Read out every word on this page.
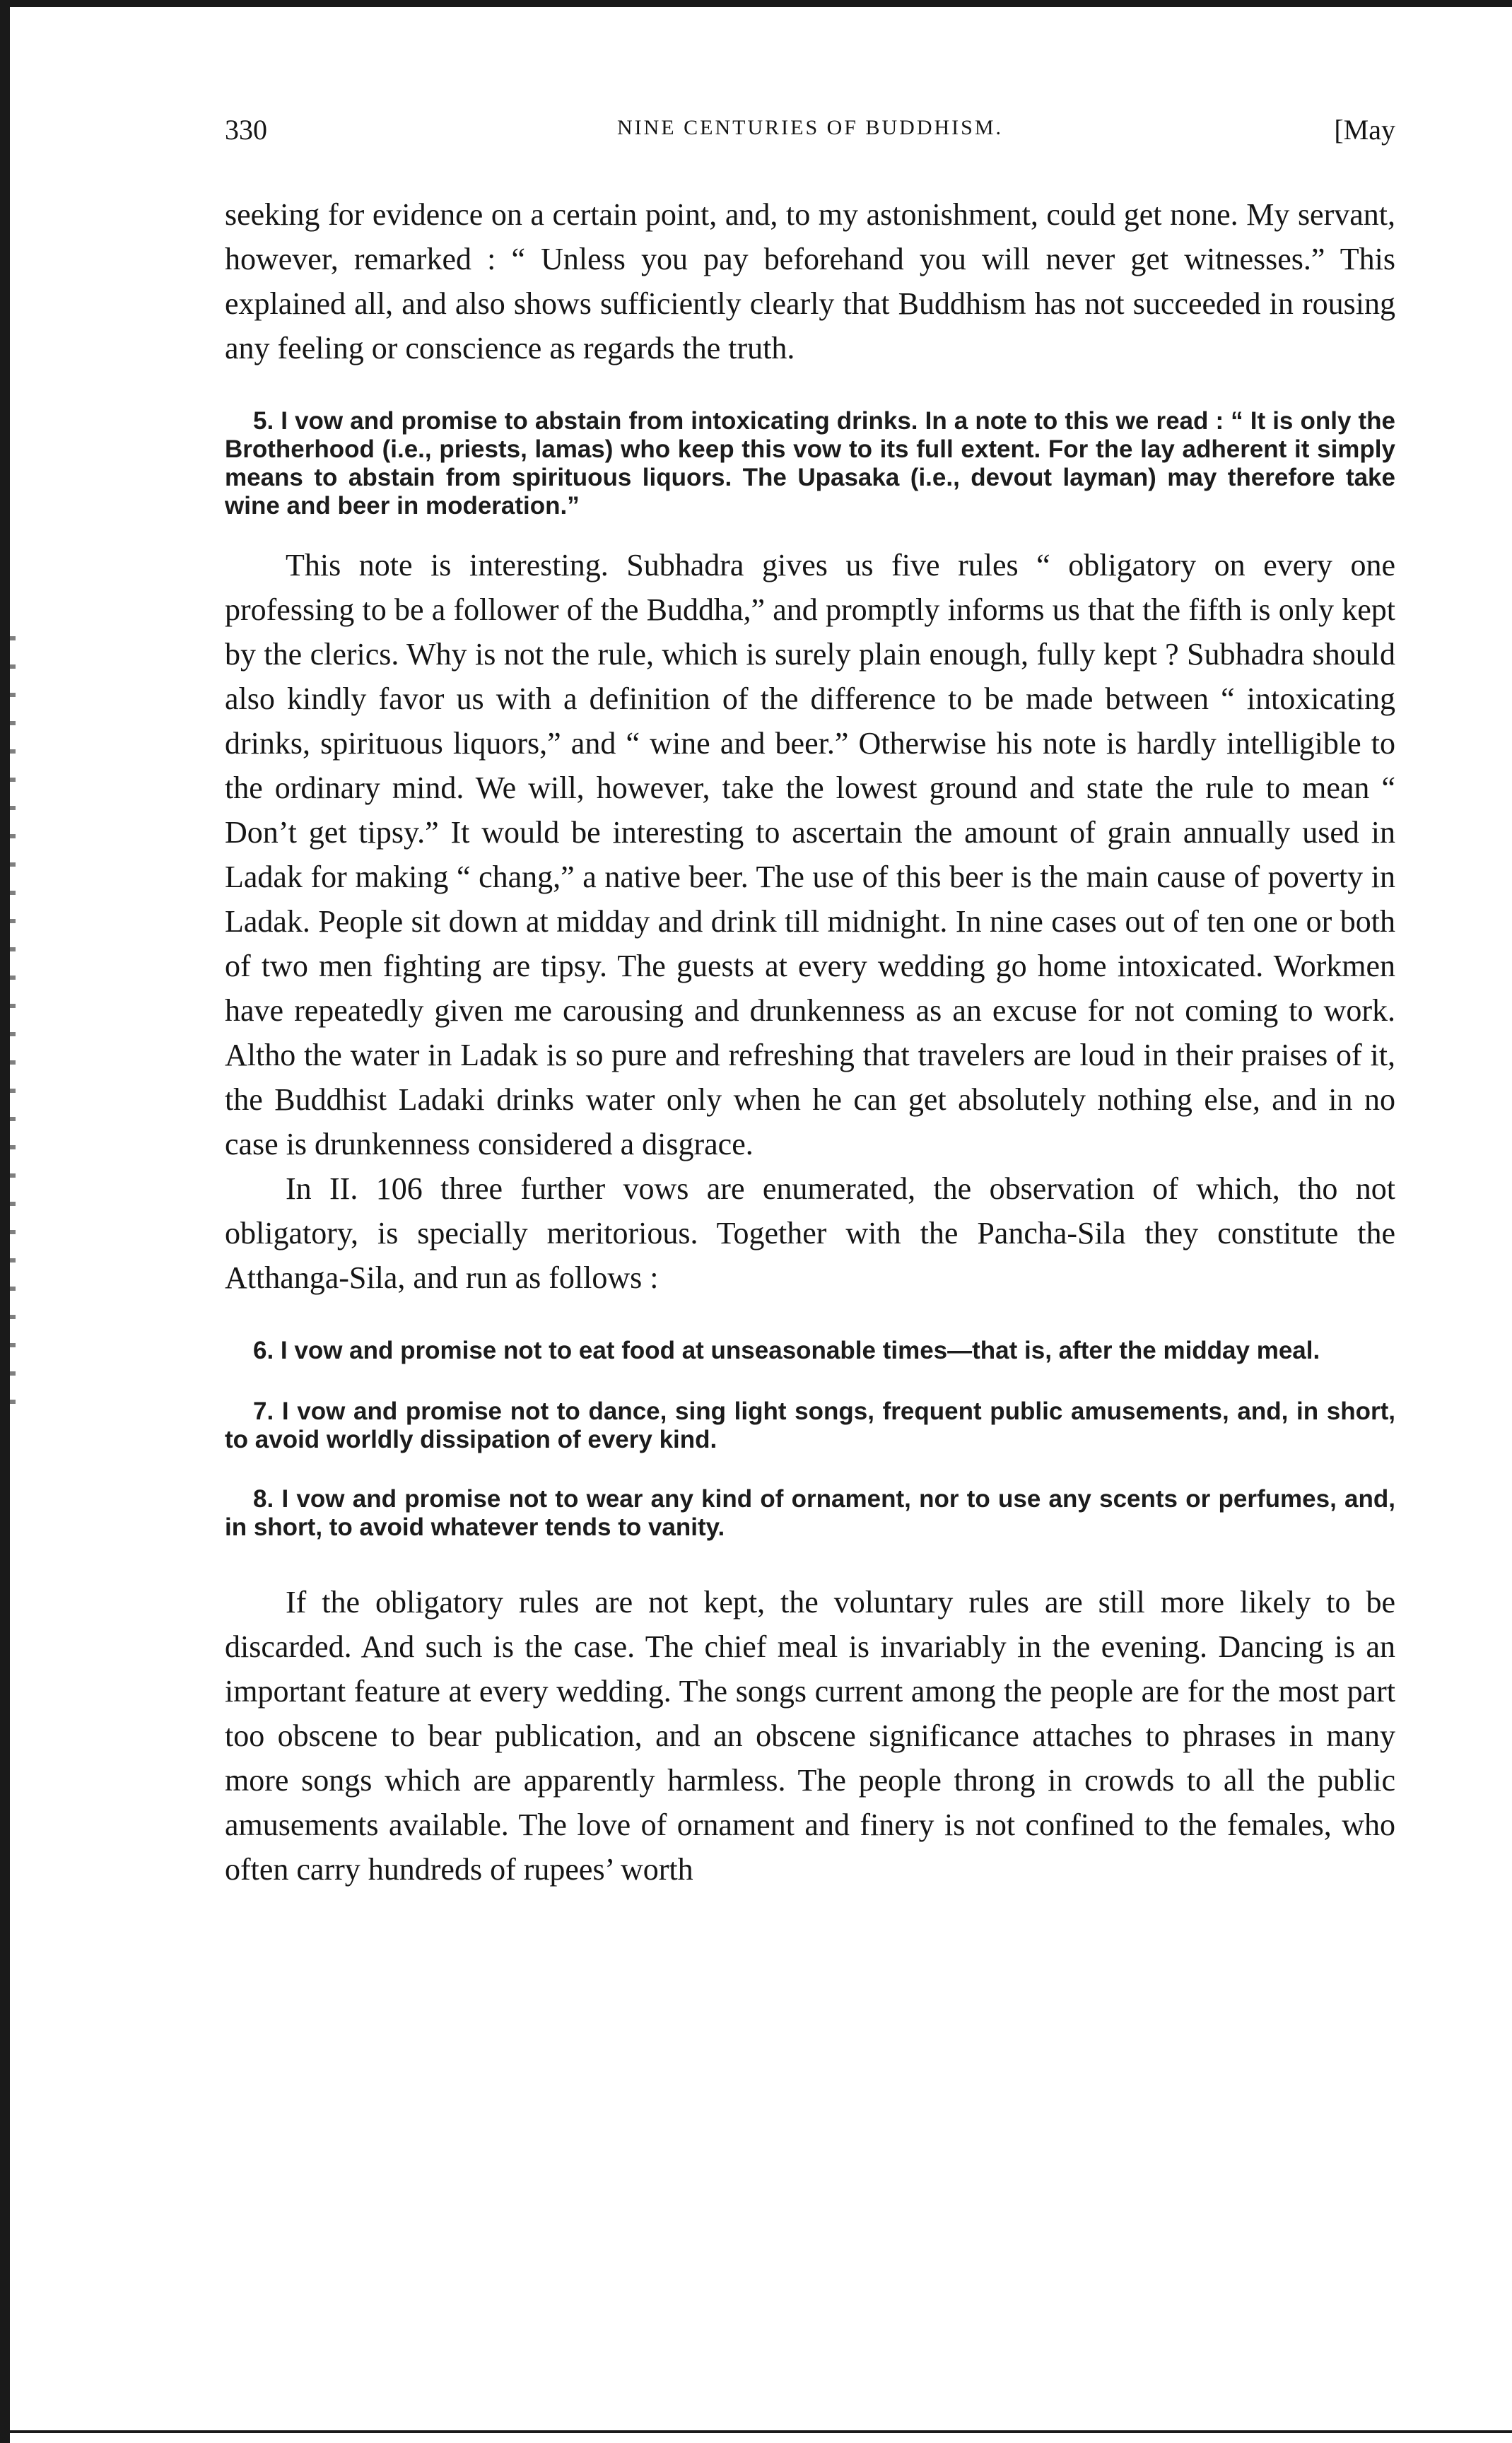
330	NINE CENTURIES OF BUDDHISM.	[May

seeking for evidence on a certain point, and, to my astonishment, could get none. My servant, however, remarked : “ Unless you pay beforehand you will never get witnesses.” This explained all, and also shows sufficiently clearly that Buddhism has not succeeded in rousing any feeling or conscience as regards the truth.

5. I vow and promise to abstain from intoxicating drinks. In a note to this we read : “ It is only the Brotherhood (i.e., priests, lamas) who keep this vow to its full extent. For the lay adherent it simply means to abstain from spirituous liquors. The Upasaka (i.e., devout layman) may therefore take wine and beer in moderation.”

This note is interesting. Subhadra gives us five rules “ obligatory on every one professing to be a follower of the Buddha,” and promptly informs us that the fifth is only kept by the clerics. Why is not the rule, which is surely plain enough, fully kept ? Subhadra should also kindly favor us with a definition of the difference to be made between “ intoxicating drinks, spirituous liquors,” and “ wine and beer.” Otherwise his note is hardly intelligible to the ordinary mind. We will, however, take the lowest ground and state the rule to mean “ Don’t get tipsy.” It would be interesting to ascertain the amount of grain annually used in Ladak for making “ chang,” a native beer. The use of this beer is the main cause of poverty in Ladak. People sit down at midday and drink till midnight. In nine cases out of ten one or both of two men fighting are tipsy. The guests at every wedding go home intoxicated. Workmen have repeatedly given me carousing and drunkenness as an excuse for not coming to work. Altho the water in Ladak is so pure and refreshing that travelers are loud in their praises of it, the Buddhist Ladaki drinks water only when he can get absolutely nothing else, and in no case is drunkenness considered a disgrace.

In II. 106 three further vows are enumerated, the observation of which, tho not obligatory, is specially meritorious. Together with the Pancha-Sila they constitute the Atthanga-Sila, and run as follows :

6. I vow and promise not to eat food at unseasonable times—that is, after the midday meal.

7. I vow and promise not to dance, sing light songs, frequent public amusements, and, in short, to avoid worldly dissipation of every kind.

8. I vow and promise not to wear any kind of ornament, nor to use any scents or perfumes, and, in short, to avoid whatever tends to vanity.

If the obligatory rules are not kept, the voluntary rules are still more likely to be discarded. And such is the case. The chief meal is invariably in the evening. Dancing is an important feature at every wedding. The songs current among the people are for the most part too obscene to bear publication, and an obscene significance attaches to phrases in many more songs which are apparently harmless. The people throng in crowds to all the public amusements available. The love of ornament and finery is not confined to the females, who often carry hundreds of rupees’ worth
